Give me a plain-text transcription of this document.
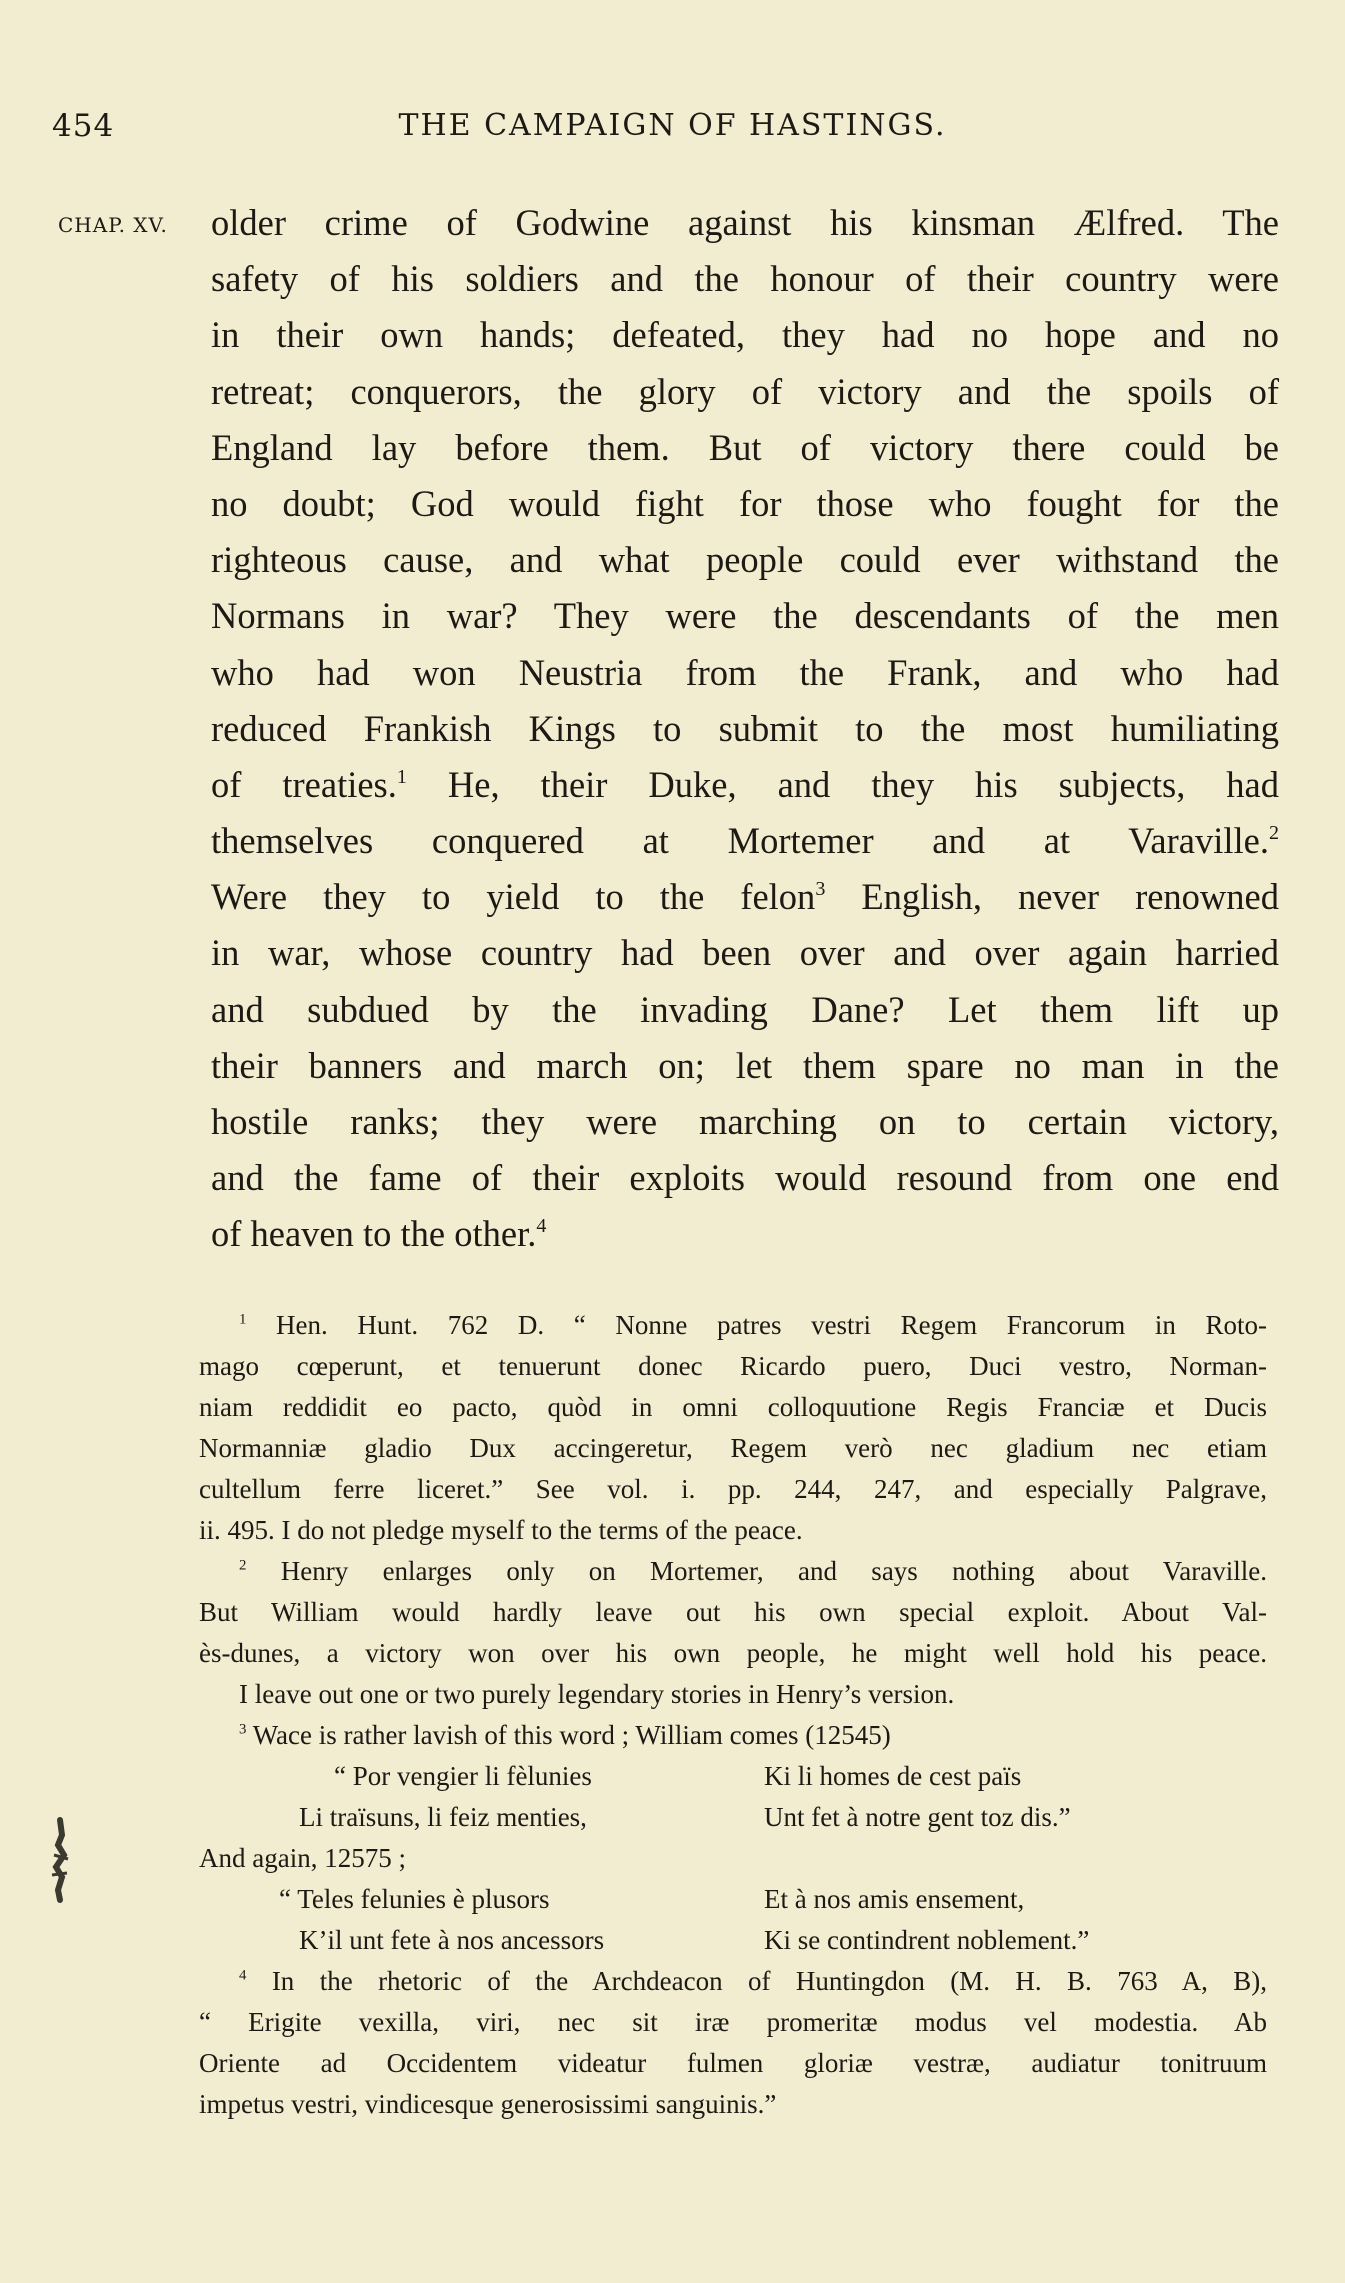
454	THE CAMPAIGN OF HASTINGS.
CHAP. XV. older crime of Godwine against his kinsman Ælfred. The
safety of his soldiers and the honour of their country were
in their own hands; defeated, they had no hope and no
retreat; conquerors, the glory of victory and the spoils of
England lay before them. But of victory there could be
no doubt; God would fight for those who fought for the
righteous cause, and what people could ever withstand the
Normans in war? They were the descendants of the men
who had won Neustria from the Frank, and who had
reduced Frankish Kings to submit to the most humiliating
of treaties.$^1$ He, their Duke, and they his subjects, had
themselves conquered at Mortemer and at Varaville.$^2$
Were they to yield to the felon$^3$ English, never renowned
in war, whose country had been over and over again harried
and subdued by the invading Dane? Let them lift up
their banners and march on; let them spare no man in the
hostile ranks; they were marching on to certain victory,
and the fame of their exploits would resound from one end
of heaven to the other.$^4$
$^1$ Hen. Hunt. 762 D. “ Nonne patres vestri Regem Francorum in Roto-
mago cœperunt, et tenuerunt donec Ricardo puero, Duci vestro, Norman-
niam reddidit eo pacto, quòd in omni colloquutione Regis Franciæ et Ducis
Normanniæ gladio Dux accingeretur, Regem verò nec gladium nec etiam
cultellum ferre liceret.” See vol. i. pp. 244, 247, and especially Palgrave,
ii. 495. I do not pledge myself to the terms of the peace.
$^2$ Henry enlarges only on Mortemer, and says nothing about Varaville.
But William would hardly leave out his own special exploit. About Val-
ès-dunes, a victory won over his own people, he might well hold his peace.
I leave out one or two purely legendary stories in Henry’s version.
$^3$ Wace is rather lavish of this word ; William comes (12545)
“ Por vengier li fèlunies	Ki li homes de cest païs
Li traïsuns, li feiz menties,	Unt fet à notre gent toz dis.”
And again, 12575 ;
“ Teles felunies è plusors	Et à nos amis ensement,
K’il unt fete à nos ancessors	Ki se contindrent noblement.”
$^4$ In the rhetoric of the Archdeacon of Huntingdon (M. H. B. 763 A, B),
“ Erigite vexilla, viri, nec sit iræ promeritæ modus vel modestia. Ab
Oriente ad Occidentem videatur fulmen gloriæ vestræ, audiatur tonitruum
impetus vestri, vindicesque generosissimi sanguinis.”
